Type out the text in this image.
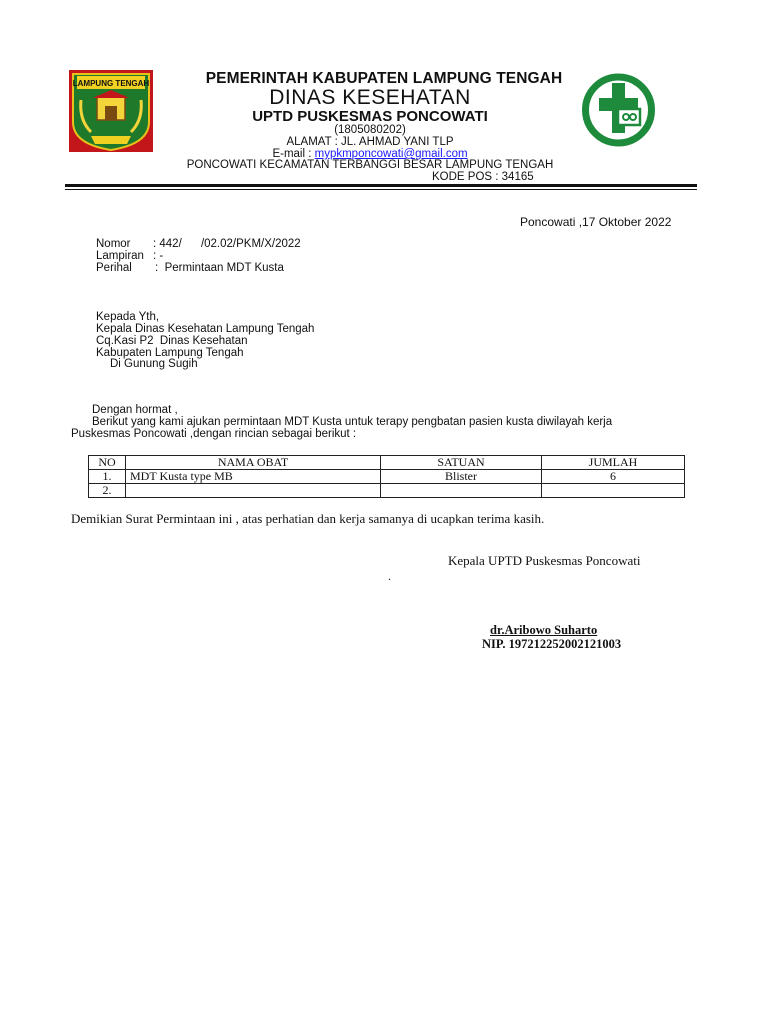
LAMPUNG TENGAH	PEMERINTAH KABUPATEN LAMPUNG TENGAH
DINAS KESEHATAN
UPTD PUSKESMAS PONCOWATI
(1805080202)
ALAMAT : JL. AHMAD YANI TLP
E-mail : mypkmponcowati@gmail.com
PONCOWATI KECAMATAN TERBANGGI BESAR LAMPUNG TENGAH
KODE POS : 34165
Poncowati ,17 Oktober 2022
Nomor : 442/      /02.02/PKM/X/2022
Lampiran : -
Perihal :  Permintaan MDT Kusta
Kepada Yth,
Kepala Dinas Kesehatan Lampung Tengah
Cq.Kasi P2  Dinas Kesehatan
Kabupaten Lampung Tengah
Di Gunung Sugih
Dengan hormat ,
Berikut yang kami ajukan permintaan MDT Kusta untuk terapy pengbatan pasien kusta diwilayah kerja
Puskesmas Poncowati ,dengan rincian sebagai berikut :
NO	NAMA OBAT	SATUAN	JUMLAH
1.	MDT Kusta type MB	Blister	6
2.			
Demikian Surat Permintaan ini , atas perhatian dan kerja samanya di ucapkan terima kasih.
Kepala UPTD Puskesmas Poncowati
.
dr.Aribowo Suharto
NIP. 197212252002121003
